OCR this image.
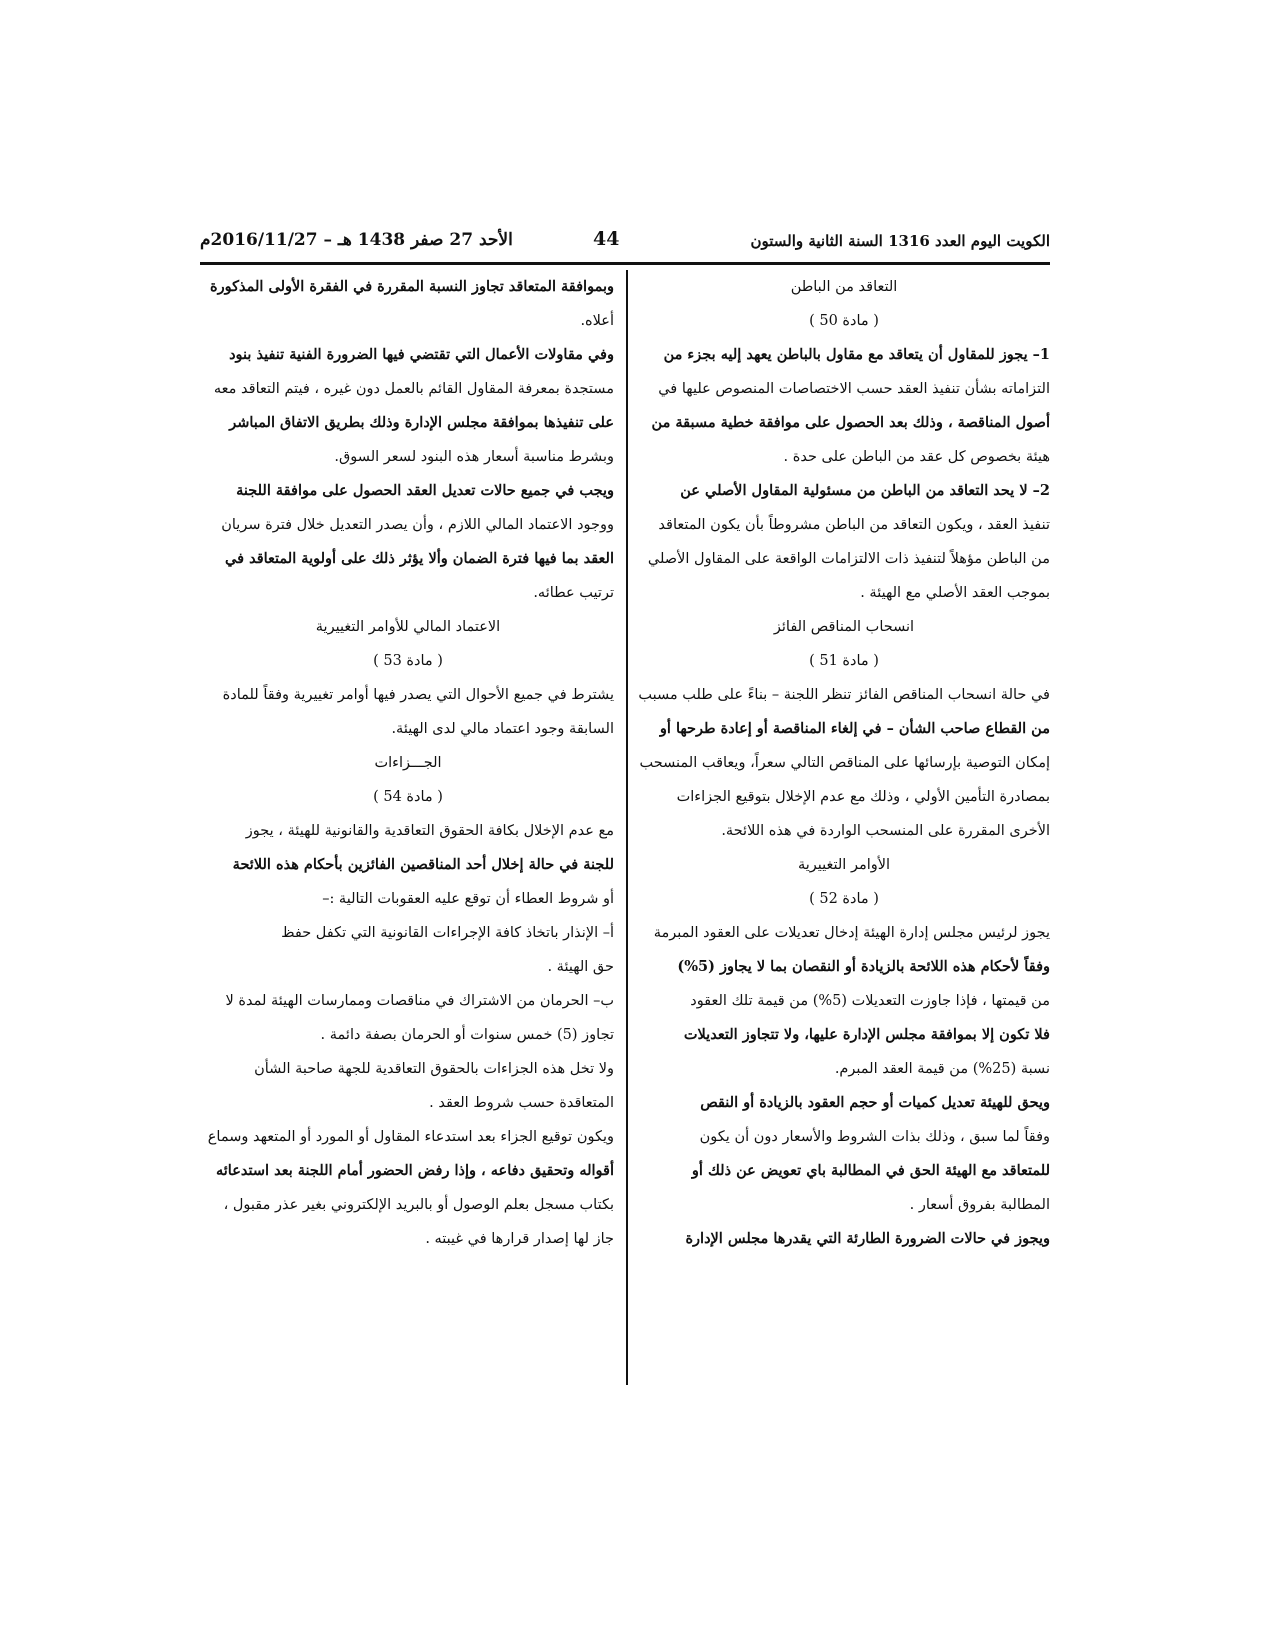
الكويت اليوم العدد 1316 السنة الثانية والستون
44
الأحد 27 صفر 1438 هـ – 2016/11/27م
التعاقد من الباطن
( مادة 50 )
1– يجوز للمقاول أن يتعاقد مع مقاول بالباطن يعهد إليه بجزء من
التزاماته بشأن تنفيذ العقد حسب الاختصاصات المنصوص عليها في
أصول المناقصة ، وذلك بعد الحصول على موافقة خطية مسبقة من
هيئة بخصوص كل عقد من الباطن على حدة .
2– لا يحد التعاقد من الباطن من مسئولية المقاول الأصلي عن
تنفيذ العقد ، ويكون التعاقد من الباطن مشروطاً بأن يكون المتعاقد
من الباطن مؤهلاً لتنفيذ ذات الالتزامات الواقعة على المقاول الأصلي
بموجب العقد الأصلي مع الهيئة .
انسحاب المناقص الفائز
( مادة 51 )
في حالة انسحاب المناقص الفائز تنظر اللجنة – بناءً على طلب مسبب
من القطاع صاحب الشأن – في إلغاء المناقصة أو إعادة طرحها أو
إمكان التوصية بإرسائها على المناقص التالي سعراً، ويعاقب المنسحب
بمصادرة التأمين الأولي ، وذلك مع عدم الإخلال بتوقيع الجزاءات
الأخرى المقررة على المنسحب الواردة في هذه اللائحة.
الأوامر التغييرية
( مادة 52 )
يجوز لرئيس مجلس إدارة الهيئة إدخال تعديلات على العقود المبرمة
وفقاً لأحكام هذه اللائحة بالزيادة أو النقصان بما لا يجاوز (5%)
من قيمتها ، فإذا جاوزت التعديلات (5%) من قيمة تلك العقود
فلا تكون إلا بموافقة مجلس الإدارة عليها، ولا تتجاوز التعديلات
نسبة (25%) من قيمة العقد المبرم.
ويحق للهيئة تعديل كميات أو حجم العقود بالزيادة أو النقص
وفقاً لما سبق ، وذلك بذات الشروط والأسعار دون أن يكون
للمتعاقد مع الهيئة الحق في المطالبة باي تعويض عن ذلك أو
المطالبة بفروق أسعار .
ويجوز في حالات الضرورة الطارئة التي يقدرها مجلس الإدارة
وبموافقة المتعاقد تجاوز النسبة المقررة في الفقرة الأولى المذكورة
أعلاه.
وفي مقاولات الأعمال التي تقتضي فيها الضرورة الفنية تنفيذ بنود
مستجدة بمعرفة المقاول القائم بالعمل دون غيره ، فيتم التعاقد معه
على تنفيذها بموافقة مجلس الإدارة وذلك بطريق الاتفاق المباشر
وبشرط مناسبة أسعار هذه البنود لسعر السوق.
ويجب في جميع حالات تعديل العقد الحصول على موافقة اللجنة
ووجود الاعتماد المالي اللازم ، وأن يصدر التعديل خلال فترة سريان
العقد بما فيها فترة الضمان وألا يؤثر ذلك على أولوية المتعاقد في
ترتيب عطائه.
الاعتماد المالي للأوامر التغييرية
( مادة 53 )
يشترط في جميع الأحوال التي يصدر فيها أوامر تغييرية وفقاً للمادة
السابقة وجود اعتماد مالي لدى الهيئة.
الجـــزاءات
( مادة 54 )
مع عدم الإخلال بكافة الحقوق التعاقدية والقانونية للهيئة ، يجوز
للجنة في حالة إخلال أحد المناقصين الفائزين بأحكام هذه اللائحة
أو شروط العطاء أن توقع عليه العقوبات التالية :–
أ– الإنذار باتخاذ كافة الإجراءات القانونية التي تكفل حفظ
حق الهيئة .
ب– الحرمان من الاشتراك في مناقصات وممارسات الهيئة لمدة لا
تجاوز (5) خمس سنوات أو الحرمان بصفة دائمة .
ولا تخل هذه الجزاءات بالحقوق التعاقدية للجهة صاحبة الشأن
المتعاقدة حسب شروط العقد .
ويكون توقيع الجزاء بعد استدعاء المقاول أو المورد أو المتعهد وسماع
أقواله وتحقيق دفاعه ، وإذا رفض الحضور أمام اللجنة بعد استدعائه
بكتاب مسجل بعلم الوصول أو بالبريد الإلكتروني بغير عذر مقبول ،
جاز لها إصدار قرارها في غيبته .
